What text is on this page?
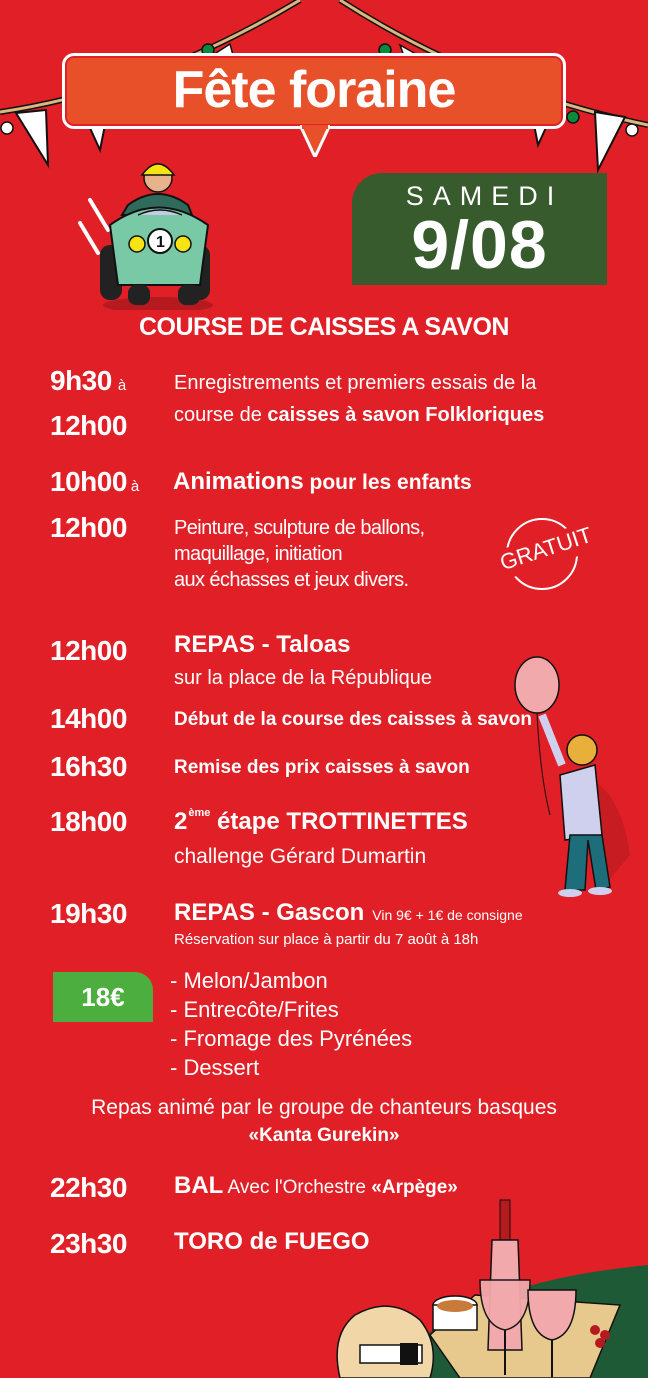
Fête foraine
1
SAMEDI
9/08
COURSE DE CAISSES A SAVON
9h30 à
12h00
Enregistrements et premiers essais de la
course de caisses à savon Folkloriques
10h00 à Animations pour les enfants
12h00 Peinture, sculpture de ballons,
maquillage, initiation
aux échasses et jeux divers.
GRATUIT
12h00 REPAS - Taloas
sur la place de la République
14h00 Début de la course des caisses à savon
16h30 Remise des prix caisses à savon
18h00 2ème étape TROTTINETTES
challenge Gérard Dumartin
19h30 REPAS - Gascon Vin 9€ + 1€ de consigne
Réservation sur place à partir du 7 août à 18h
18€
- Melon/Jambon
- Entrecôte/Frites
- Fromage des Pyrénées
- Dessert
Repas animé par le groupe de chanteurs basques
«Kanta Gurekin»
22h30 BAL Avec l'Orchestre «Arpège»
23h30 TORO de FUEGO
